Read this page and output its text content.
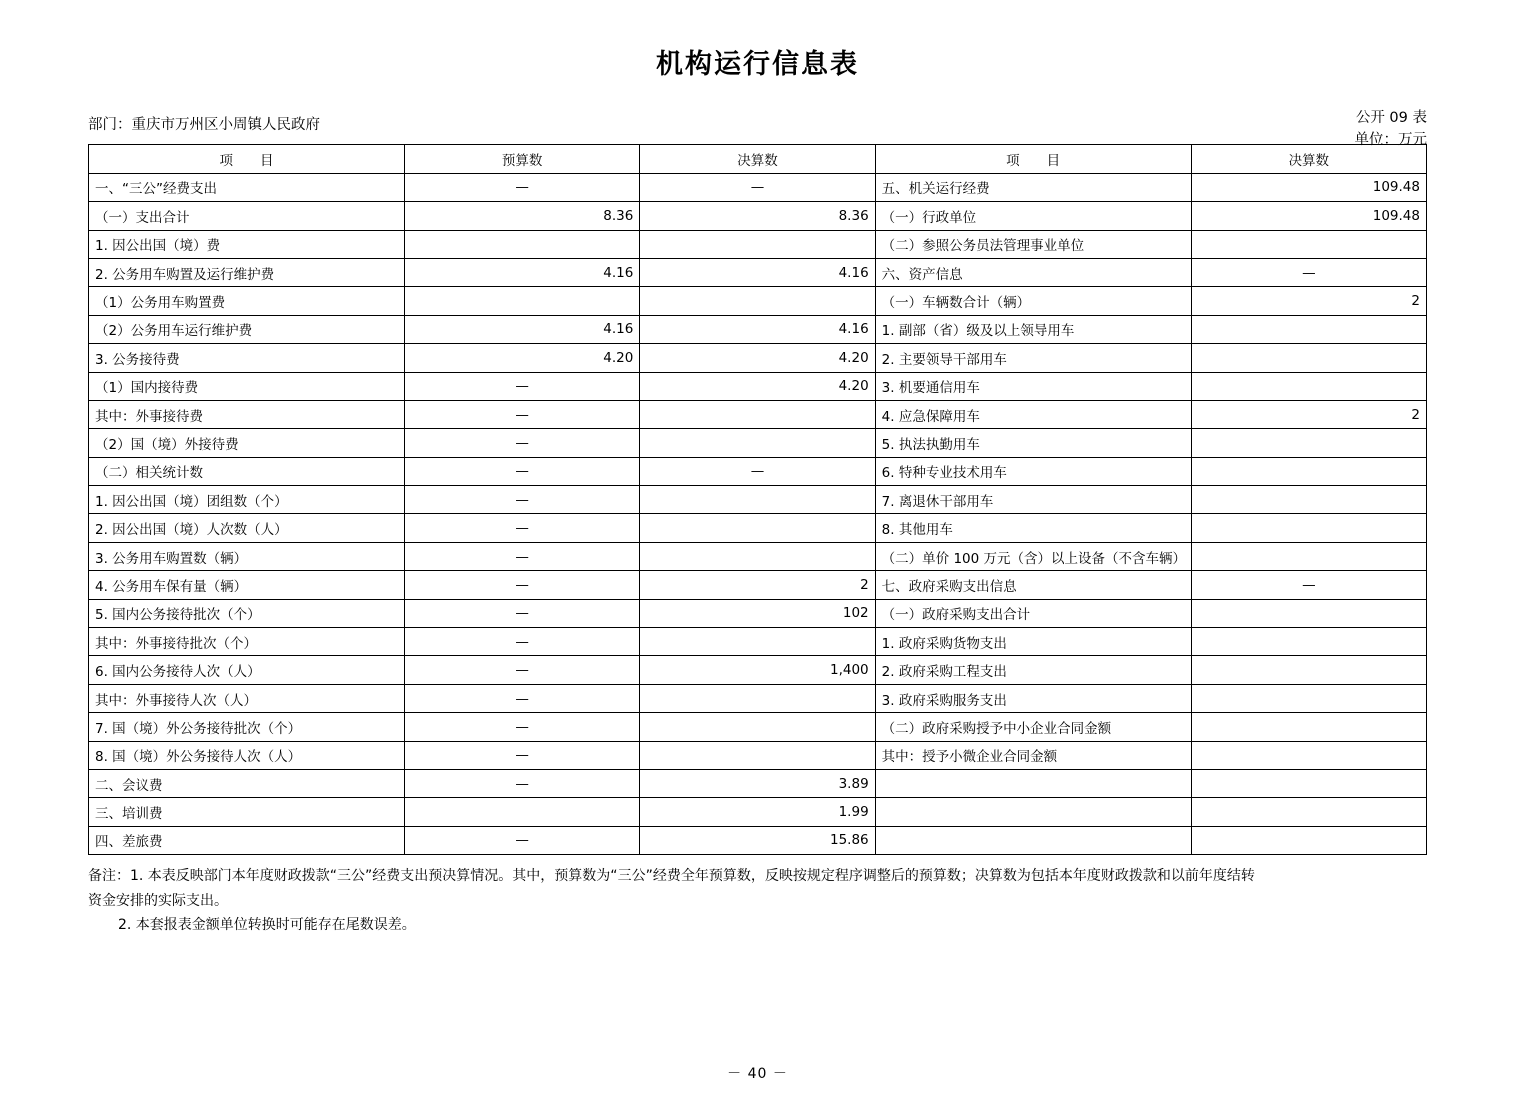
机构运行信息表
公开 09 表
单位：万元
部门：重庆市万州区小周镇人民政府
项　　目	预算数	决算数	项　　目	决算数
一、“三公”经费支出	—	—	五、机关运行经费	109.48
（一）支出合计	8.36	8.36	（一）行政单位	109.48
1. 因公出国（境）费			（二）参照公务员法管理事业单位	
2. 公务用车购置及运行维护费	4.16	4.16	六、资产信息	—
（1）公务用车购置费			（一）车辆数合计（辆）	2
（2）公务用车运行维护费	4.16	4.16	1. 副部（省）级及以上领导用车	
3. 公务接待费	4.20	4.20	2. 主要领导干部用车	
（1）国内接待费	—	4.20	3. 机要通信用车	
其中：外事接待费	—		4. 应急保障用车	2
（2）国（境）外接待费	—		5. 执法执勤用车	
（二）相关统计数	—	—	6. 特种专业技术用车	
1. 因公出国（境）团组数（个）	—		7. 离退休干部用车	
2. 因公出国（境）人次数（人）	—		8. 其他用车	
3. 公务用车购置数（辆）	—		（二）单价 100 万元（含）以上设备（不含车辆）	
4. 公务用车保有量（辆）	—	2	七、政府采购支出信息	—
5. 国内公务接待批次（个）	—	102	（一）政府采购支出合计	
其中：外事接待批次（个）	—		1. 政府采购货物支出	
6. 国内公务接待人次（人）	—	1,400	2. 政府采购工程支出	
其中：外事接待人次（人）	—		3. 政府采购服务支出	
7. 国（境）外公务接待批次（个）	—		（二）政府采购授予中小企业合同金额	
8. 国（境）外公务接待人次（人）	—		其中：授予小微企业合同金额	
二、会议费	—	3.89		
三、培训费		1.99		
四、差旅费	—	15.86		

备注：1. 本表反映部门本年度财政拨款“三公”经费支出预决算情况。其中，预算数为“三公”经费全年预算数，反映按规定程序调整后的预算数；决算数为包括本年度财政拨款和以前年度结转

资金安排的实际支出。

2. 本套报表金额单位转换时可能存在尾数误差。

－ 40 －
